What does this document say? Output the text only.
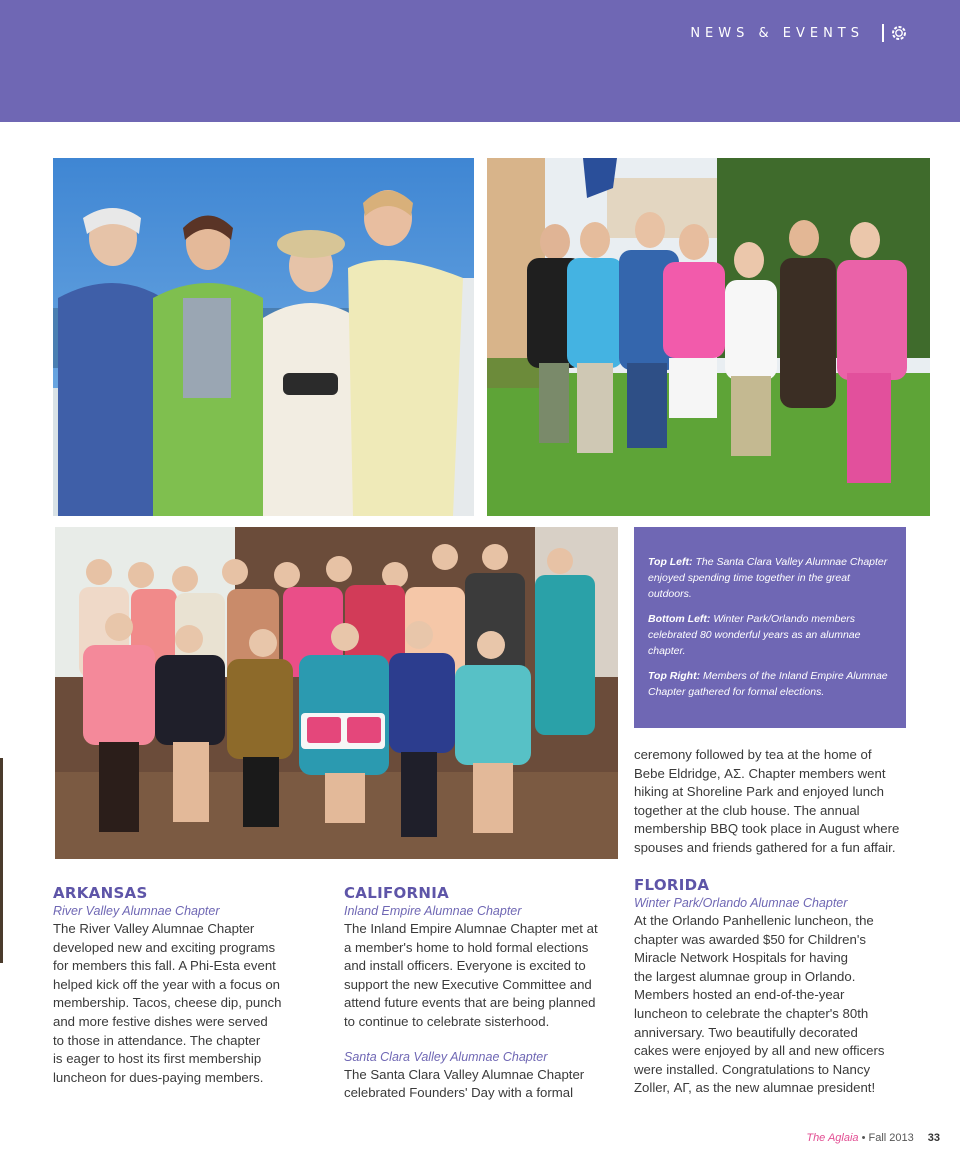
NEWS & EVENTS

Top Left: The Santa Clara Valley Alumnae Chapter enjoyed spending time together in the great outdoors.

Bottom Left: Winter Park/Orlando members celebrated 80 wonderful years as an alumnae chapter.

Top Right: Members of the Inland Empire Alumnae Chapter gathered for formal elections.

ARKANSAS
River Valley Alumnae Chapter

The River Valley Alumnae Chapter

developed new and exciting programs

for members this fall. A Phi-Esta event

helped kick off the year with a focus on

membership. Tacos, cheese dip, punch

and more festive dishes were served

to those in attendance. The chapter

is eager to host its first membership

luncheon for dues-paying members.

CALIFORNIA
Inland Empire Alumnae Chapter

The Inland Empire Alumnae Chapter met at

a member's home to hold formal elections

and install officers. Everyone is excited to

support the new Executive Committee and

attend future events that are being planned

to continue to celebrate sisterhood.

Santa Clara Valley Alumnae Chapter

The Santa Clara Valley Alumnae Chapter

celebrated Founders' Day with a formal

ceremony followed by tea at the home of

Bebe Eldridge, ΑΣ. Chapter members went

hiking at Shoreline Park and enjoyed lunch

together at the club house. The annual

membership BBQ took place in August where

spouses and friends gathered for a fun affair.

FLORIDA
Winter Park/Orlando Alumnae Chapter

At the Orlando Panhellenic luncheon, the

chapter was awarded $50 for Children's

Miracle Network Hospitals for having

the largest alumnae group in Orlando.

Members hosted an end-of-the-year

luncheon to celebrate the chapter's 80th

anniversary. Two beautifully decorated

cakes were enjoyed by all and new officers

were installed. Congratulations to Nancy

Zoller, ΑΓ, as the new alumnae president!

The Aglaia • Fall 2013 33
